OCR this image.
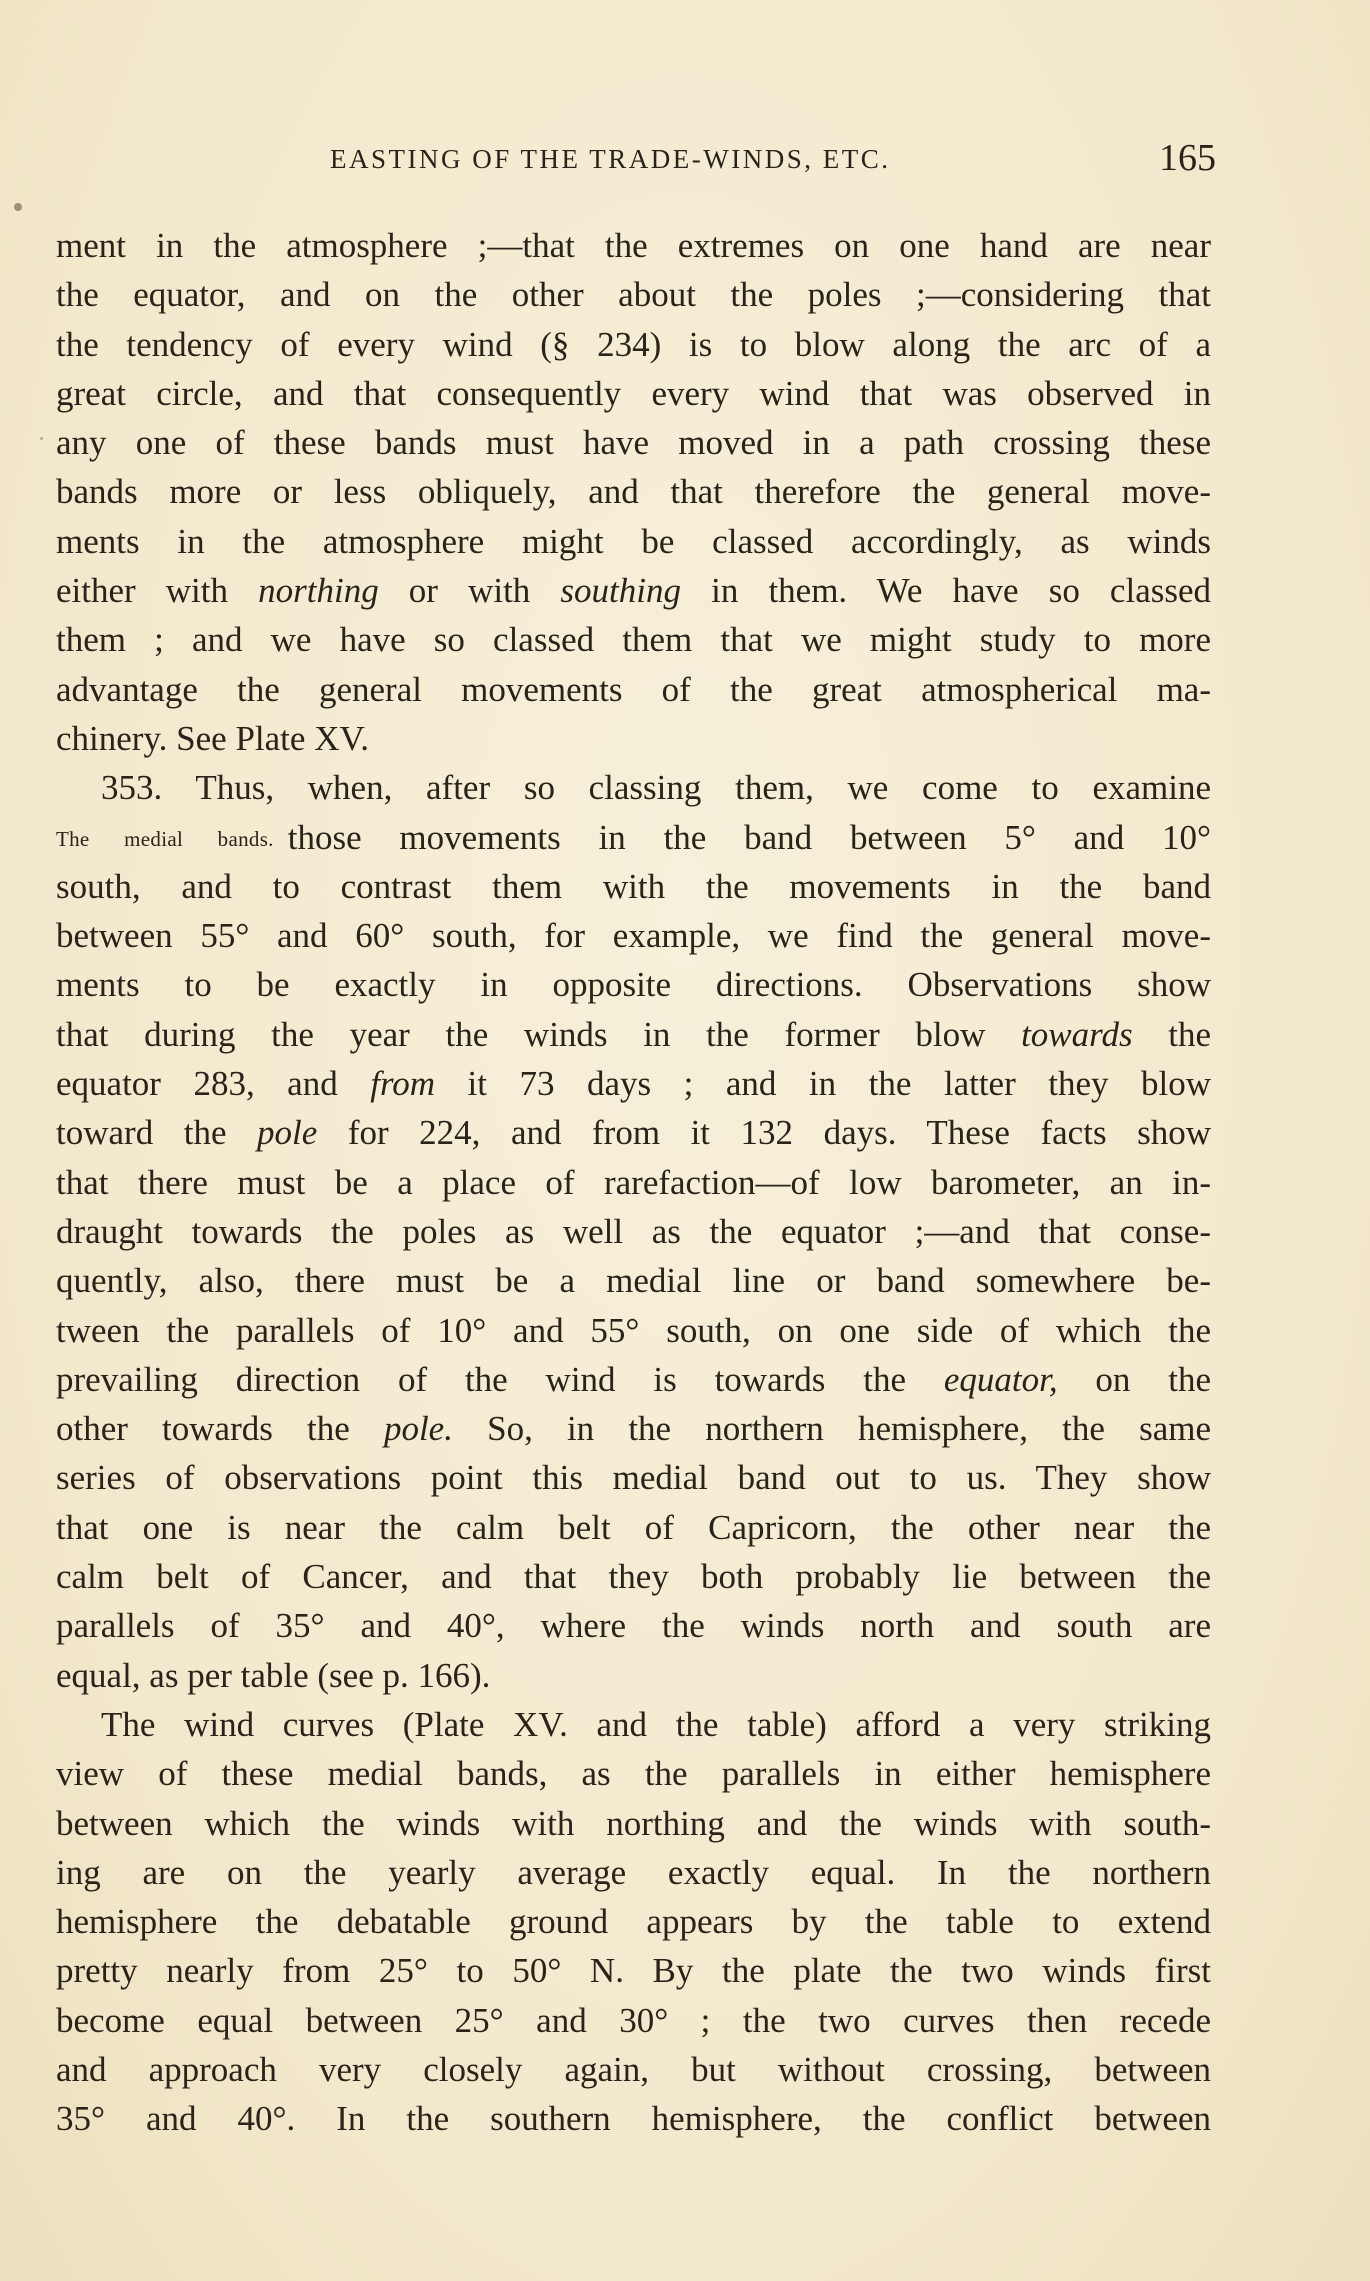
EASTING OF THE TRADE-WINDS, ETC.	165
ment in the atmosphere ;—that the extremes on one hand are near
the equator, and on the other about the poles ;—considering that
the tendency of every wind (§ 234) is to blow along the arc of a
great circle, and that consequently every wind that was observed in
any one of these bands must have moved in a path crossing these
bands more or less obliquely, and that therefore the general move-
ments in the atmosphere might be classed accordingly, as winds
either with northing or with southing in them. We have so classed
them ; and we have so classed them that we might study to more
advantage the general movements of the great atmospherical ma-
chinery. See Plate XV.
353. Thus, when, after so classing them, we come to examine
The medial bands. those movements in the band between 5° and 10°
south, and to contrast them with the movements in the band
between 55° and 60° south, for example, we find the general move-
ments to be exactly in opposite directions. Observations show
that during the year the winds in the former blow towards the
equator 283, and from it 73 days ; and in the latter they blow
toward the pole for 224, and from it 132 days. These facts show
that there must be a place of rarefaction—of low barometer, an in-
draught towards the poles as well as the equator ;—and that conse-
quently, also, there must be a medial line or band somewhere be-
tween the parallels of 10° and 55° south, on one side of which the
prevailing direction of the wind is towards the equator, on the
other towards the pole. So, in the northern hemisphere, the same
series of observations point this medial band out to us. They show
that one is near the calm belt of Capricorn, the other near the
calm belt of Cancer, and that they both probably lie between the
parallels of 35° and 40°, where the winds north and south are
equal, as per table (see p. 166).
The wind curves (Plate XV. and the table) afford a very striking
view of these medial bands, as the parallels in either hemisphere
between which the winds with northing and the winds with south-
ing are on the yearly average exactly equal. In the northern
hemisphere the debatable ground appears by the table to extend
pretty nearly from 25° to 50° N. By the plate the two winds first
become equal between 25° and 30° ; the two curves then recede
and approach very closely again, but without crossing, between
35° and 40°. In the southern hemisphere, the conflict between
